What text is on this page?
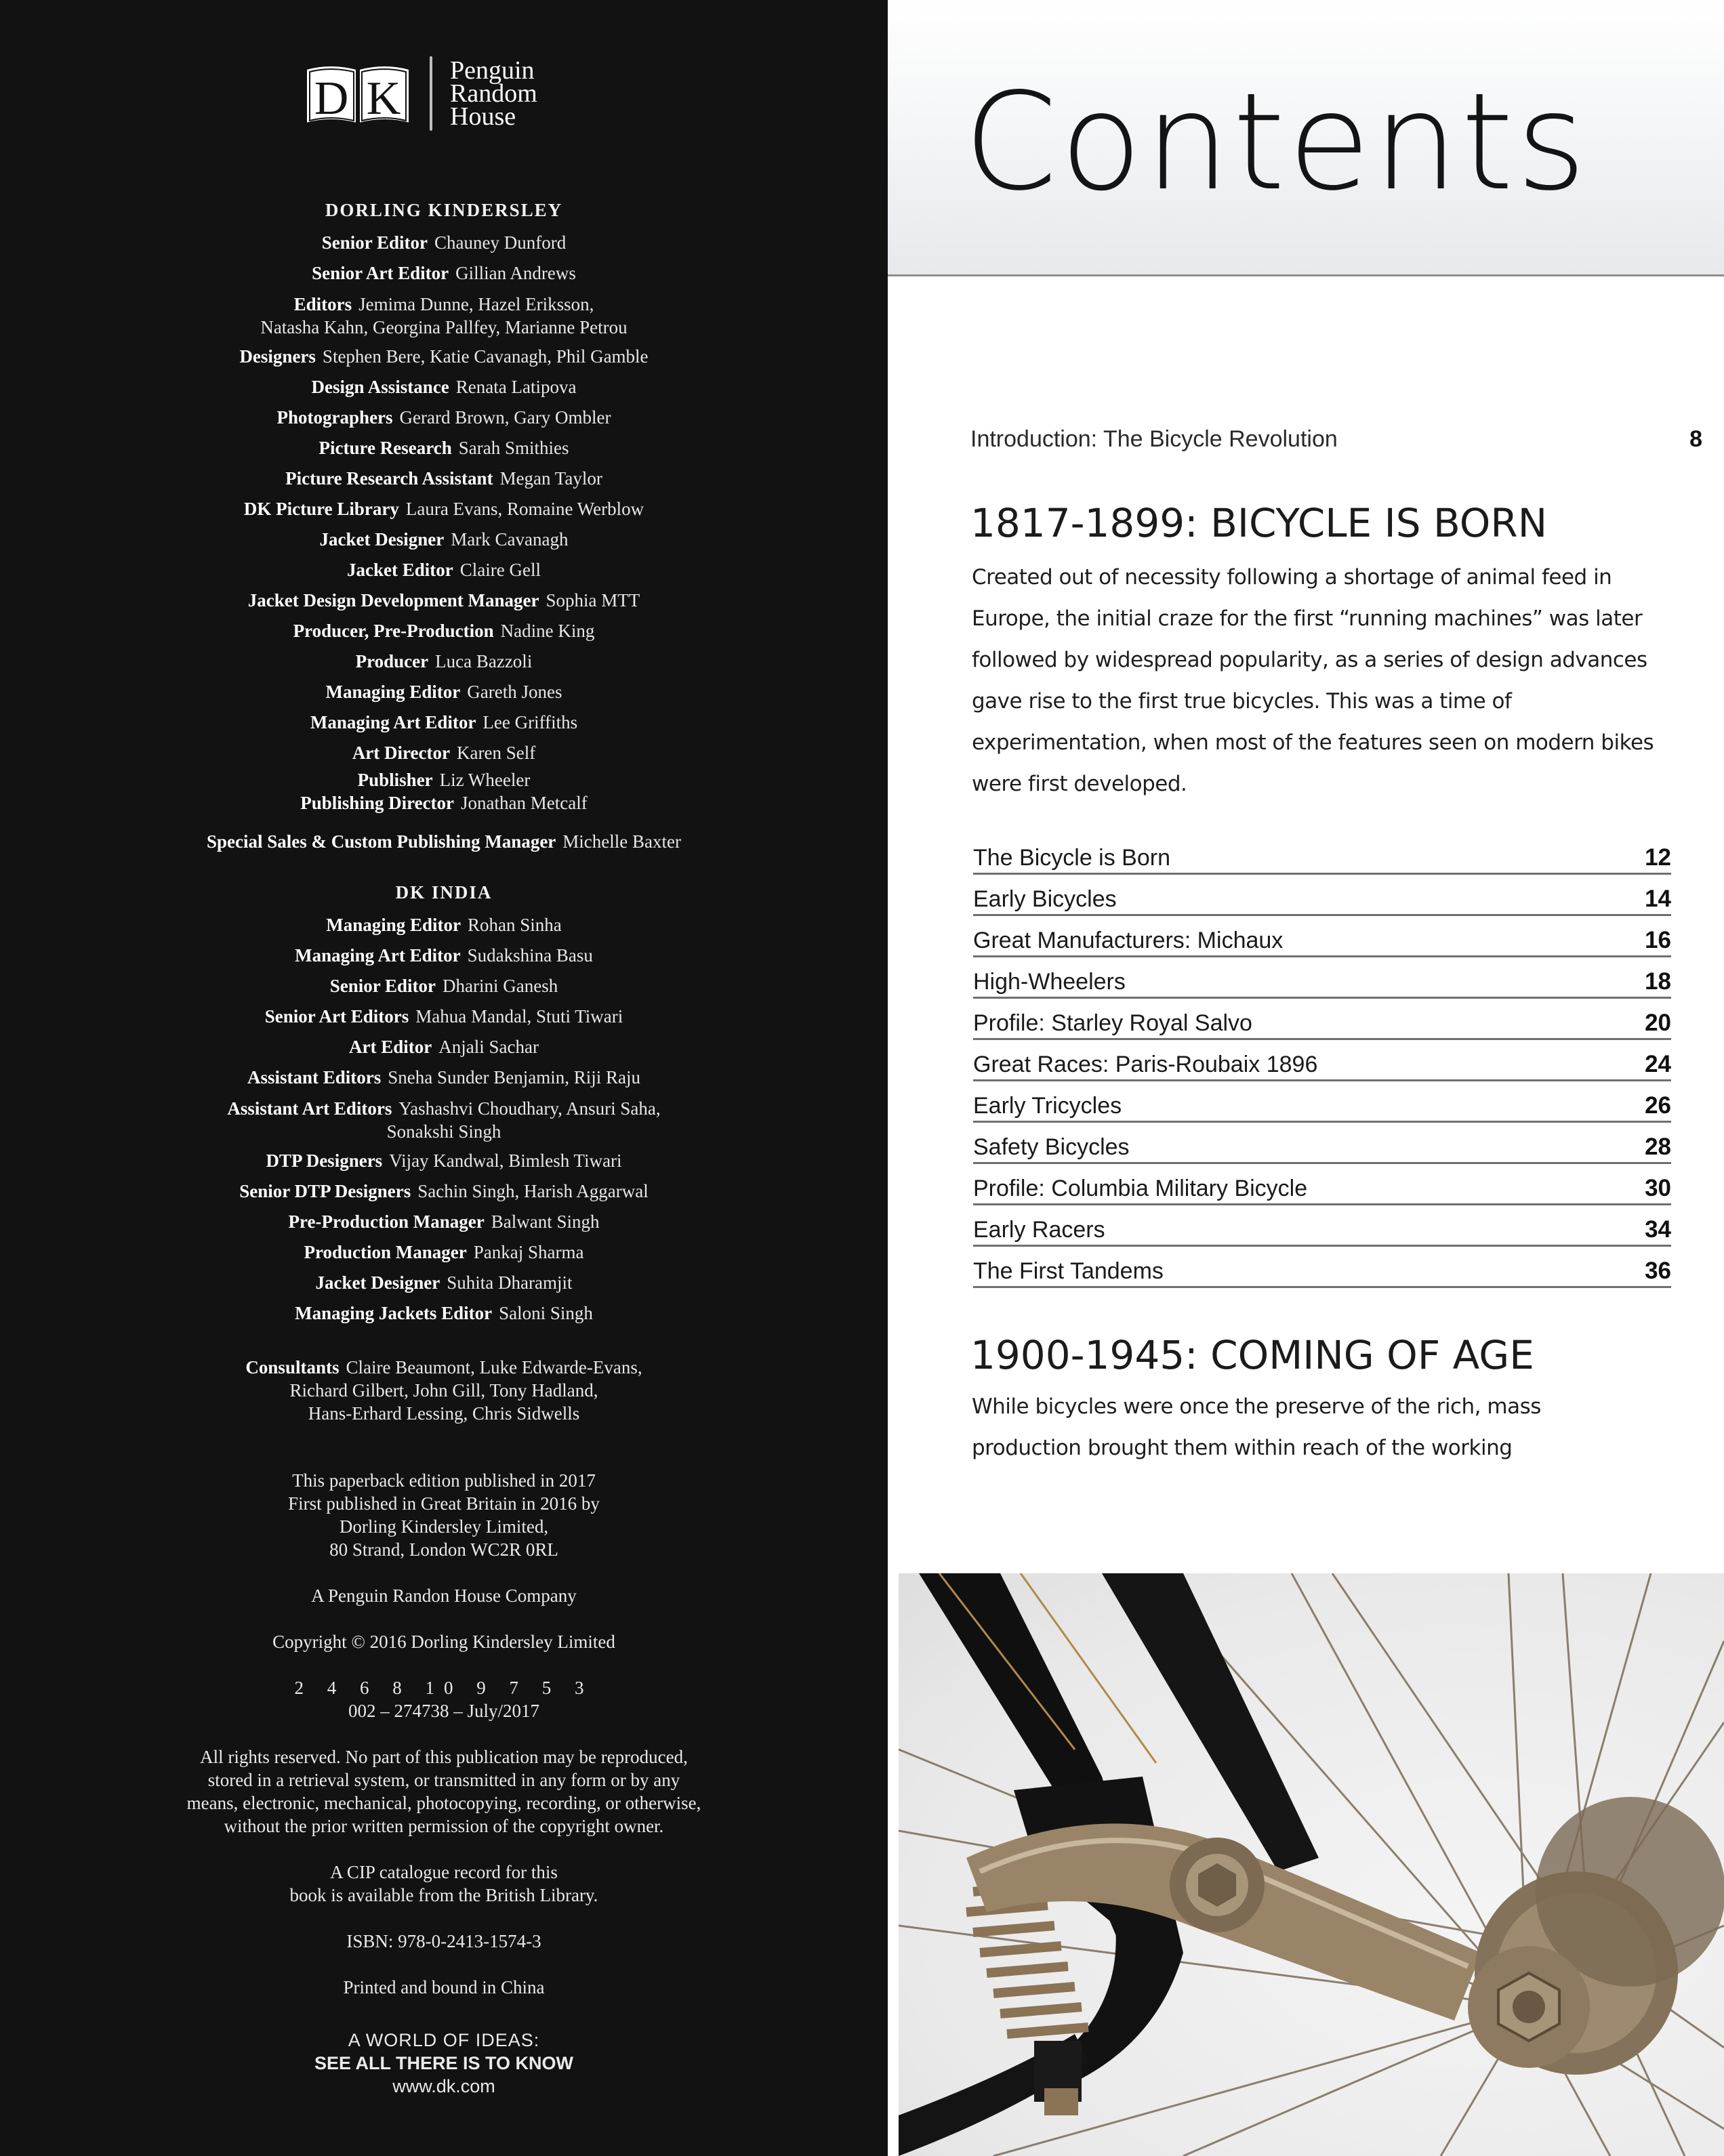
D K
Penguin
Random
House
DORLING KINDERSLEY
Senior Editor Chauney Dunford
Senior Art Editor Gillian Andrews
Editors Jemima Dunne, Hazel Eriksson,
Natasha Kahn, Georgina Pallfey, Marianne Petrou
Designers Stephen Bere, Katie Cavanagh, Phil Gamble
Design Assistance Renata Latipova
Photographers Gerard Brown, Gary Ombler
Picture Research Sarah Smithies
Picture Research Assistant Megan Taylor
DK Picture Library Laura Evans, Romaine Werblow
Jacket Designer Mark Cavanagh
Jacket Editor Claire Gell
Jacket Design Development Manager Sophia MTT
Producer, Pre-Production Nadine King
Producer Luca Bazzoli
Managing Editor Gareth Jones
Managing Art Editor Lee Griffiths
Art Director Karen Self
Publisher Liz Wheeler
Publishing Director Jonathan Metcalf
Special Sales & Custom Publishing Manager Michelle Baxter
DK INDIA
Managing Editor Rohan Sinha
Managing Art Editor Sudakshina Basu
Senior Editor Dharini Ganesh
Senior Art Editors Mahua Mandal, Stuti Tiwari
Art Editor Anjali Sachar
Assistant Editors Sneha Sunder Benjamin, Riji Raju
Assistant Art Editors Yashashvi Choudhary, Ansuri Saha,
Sonakshi Singh
DTP Designers Vijay Kandwal, Bimlesh Tiwari
Senior DTP Designers Sachin Singh, Harish Aggarwal
Pre-Production Manager Balwant Singh
Production Manager Pankaj Sharma
Jacket Designer Suhita Dharamjit
Managing Jackets Editor Saloni Singh
Consultants Claire Beaumont, Luke Edwarde-Evans,
Richard Gilbert, John Gill, Tony Hadland,
Hans-Erhard Lessing, Chris Sidwells

This paperback edition published in 2017

First published in Great Britain in 2016 by

Dorling Kindersley Limited,

80 Strand, London WC2R 0RL

A Penguin Randon House Company

Copyright © 2016 Dorling Kindersley Limited

2 4 6 8 10 9 7 5 3

002 – 274738 – July/2017

All rights reserved. No part of this publication may be reproduced,

stored in a retrieval system, or transmitted in any form or by any

means, electronic, mechanical, photocopying, recording, or otherwise,

without the prior written permission of the copyright owner.

A CIP catalogue record for this

book is available from the British Library.

ISBN: 978-0-2413-1574-3

Printed and bound in China

A WORLD OF IDEAS:

SEE ALL THERE IS TO KNOW

www.dk.com

Contents
Introduction: The Bicycle Revolution	8
1817-1899: BICYCLE IS BORN
Created out of necessity following a shortage of animal feed in Europe, the initial craze for the first “running machines” was later followed by widespread popularity, as a series of design advances gave rise to the first true bicycles. This was a time of experimentation, when most of the features seen on modern bikes were first developed.
The Bicycle is Born	12
Early Bicycles	14
Great Manufacturers: Michaux	16
High-Wheelers	18
Profile: Starley Royal Salvo	20
Great Races: Paris-Roubaix 1896	24
Early Tricycles	26
Safety Bicycles	28
Profile: Columbia Military Bicycle	30
Early Racers	34
The First Tandems	36
1900-1945: COMING OF AGE
While bicycles were once the preserve of the rich, mass production brought them within reach of the working
